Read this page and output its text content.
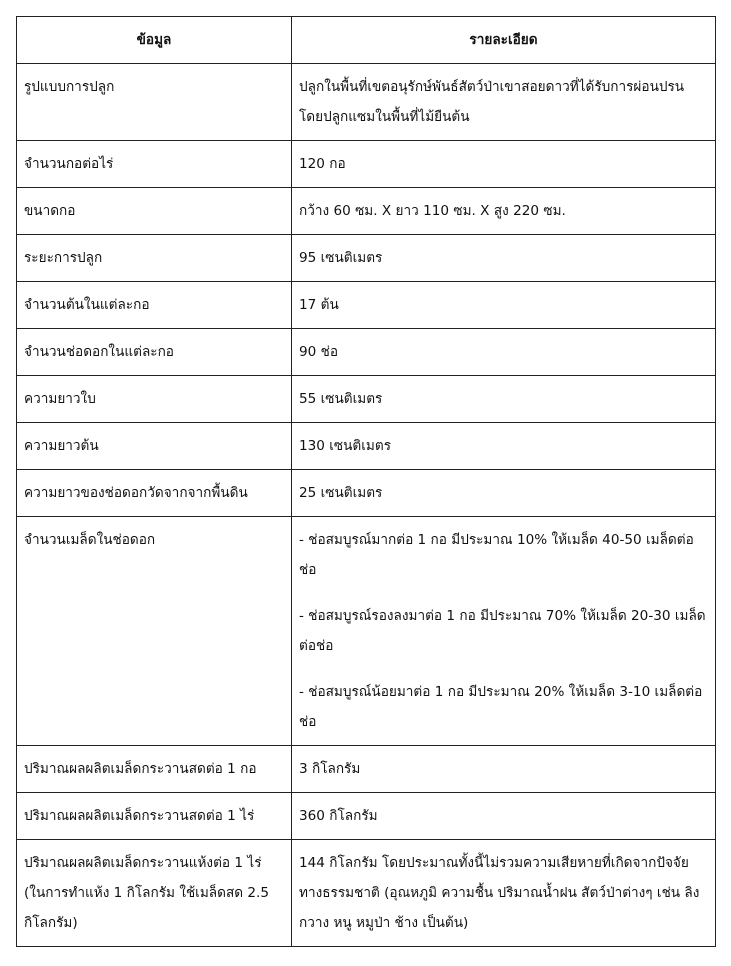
ข้อมูล	รายละเอียด
รูปแบบการปลูก	ปลูกในพื้นที่เขตอนุรักษ์พันธ์สัตว์ป่าเขาสอยดาวที่ได้รับการผ่อนปรน โดยปลูกแซมในพื้นที่ไม้ยืนต้น
จำนวนกอต่อไร่	120 กอ
ขนาดกอ	กว้าง 60 ซม. X ยาว 110 ซม. X สูง 220 ซม.
ระยะการปลูก	95 เซนติเมตร
จำนวนต้นในแต่ละกอ	17 ต้น
จำนวนช่อดอกในแต่ละกอ	90 ช่อ
ความยาวใบ	55 เซนติเมตร
ความยาวต้น	130 เซนติเมตร
ความยาวของช่อดอกวัดจากจากพื้นดิน	25 เซนติเมตร
จำนวนเมล็ดในช่อดอก	- ช่อสมบูรณ์มากต่อ 1 กอ มีประมาณ 10% ให้เมล็ด 40-50 เมล็ดต่อช่อ

- ช่อสมบูรณ์รองลงมาต่อ 1 กอ มีประมาณ 70% ให้เมล็ด 20-30 เมล็ดต่อช่อ

- ช่อสมบูรณ์น้อยมาต่อ 1 กอ มีประมาณ 20% ให้เมล็ด 3-10 เมล็ดต่อช่อ

ปริมาณผลผลิตเมล็ดกระวานสดต่อ 1 กอ	3 กิโลกรัม
ปริมาณผลผลิตเมล็ดกระวานสดต่อ 1 ไร่	360 กิโลกรัม
ปริมาณผลผลิตเมล็ดกระวานแห้งต่อ 1 ไร่ (ในการทำแห้ง 1 กิโลกรัม ใช้เมล็ดสด 2.5 กิโลกรัม)	144 กิโลกรัม โดยประมาณทั้งนี้ไม่รวมความเสียหายที่เกิดจากปัจจัยทางธรรมชาติ (อุณหภูมิ ความชื้น ปริมาณน้ำฝน สัตว์ป่าต่างๆ เช่น ลิง กวาง หนู หมูป่า ช้าง เป็นต้น)
